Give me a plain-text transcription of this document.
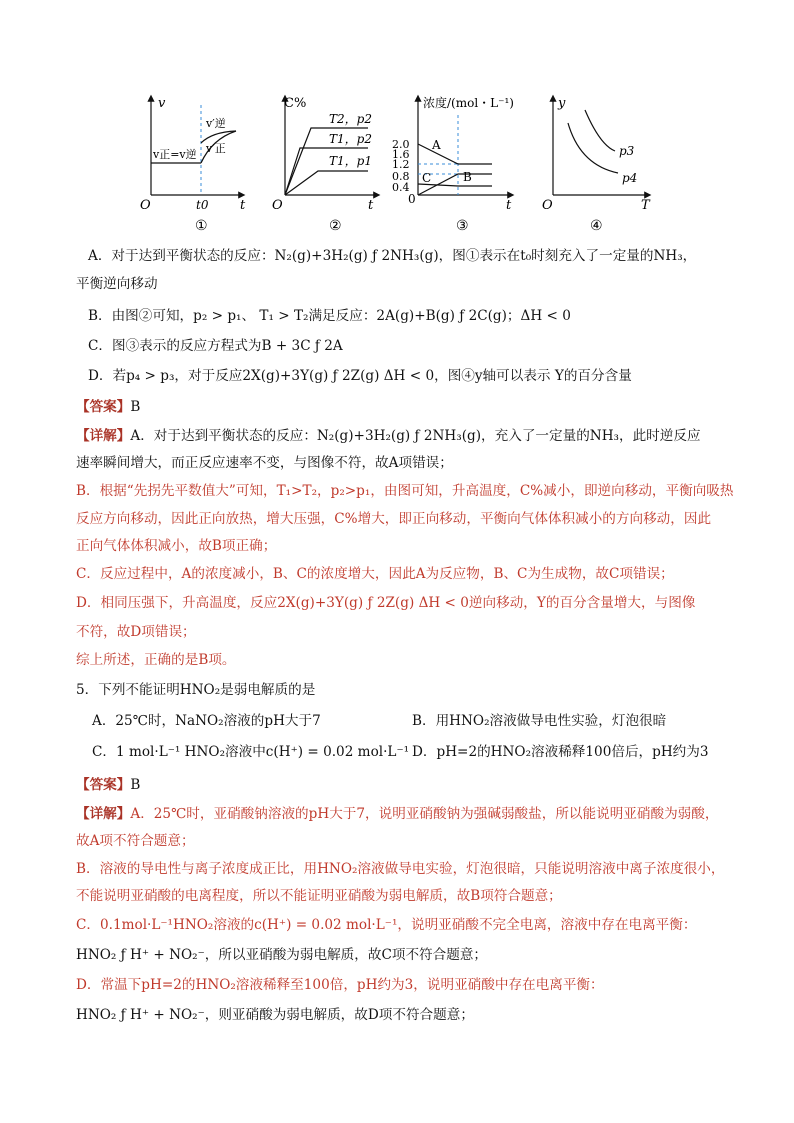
v
t
O
v正=v逆
v′逆
v′正
t0
①
C%
t
O
T2，p2
T1，p2
T1，p1
②
浓度/(mol・L⁻¹)
t
0
2.0
1.6
1.2
0.8
0.4
A
B
C
③
y
T
O
p3
p4
④
A．对于达到平衡状态的反应：N₂(g)+3H₂(g) ƒ 2NH₃(g)，图①表示在t₀时刻充入了一定量的NH₃，
平衡逆向移动
B．由图②可知，p₂ > p₁、 T₁ > T₂满足反应：2A(g)+B(g) ƒ 2C(g)；ΔH < 0
C．图③表示的反应方程式为B + 3C ƒ 2A
D．若p₄ > p₃，对于反应2X(g)+3Y(g) ƒ 2Z(g) ΔH < 0，图④y轴可以表示 Y的百分含量
【答案】B
【详解】A．对于达到平衡状态的反应：N₂(g)+3H₂(g) ƒ 2NH₃(g)，充入了一定量的NH₃，此时逆反应
速率瞬间增大，而正反应速率不变，与图像不符，故A项错误；
B．根据“先拐先平数值大”可知，T₁>T₂，p₂>p₁，由图可知，升高温度，C%减小，即逆向移动，平衡向吸热
反应方向移动，因此正向放热，增大压强，C%增大，即正向移动，平衡向气体体积减小的方向移动，因此
正向气体体积减小，故B项正确；
C．反应过程中，A的浓度减小，B、C的浓度增大，因此A为反应物，B、C为生成物，故C项错误；
D．相同压强下，升高温度，反应2X(g)+3Y(g) ƒ 2Z(g) ΔH < 0逆向移动，Y的百分含量增大，与图像
不符，故D项错误；
综上所述，正确的是B项。
5．下列不能证明HNO₂是弱电解质的是
A．25℃时，NaNO₂溶液的pH大于7	B．用HNO₂溶液做导电性实验，灯泡很暗
C．1 mol·L⁻¹ HNO₂溶液中c(H⁺) = 0.02 mol·L⁻¹ D．pH=2的HNO₂溶液稀释100倍后，pH约为3
【答案】B
【详解】A．25℃时，亚硝酸钠溶液的pH大于7，说明亚硝酸钠为强碱弱酸盐，所以能说明亚硝酸为弱酸，
故A项不符合题意；
B．溶液的导电性与离子浓度成正比，用HNO₂溶液做导电实验，灯泡很暗，只能说明溶液中离子浓度很小，
不能说明亚硝酸的电离程度，所以不能证明亚硝酸为弱电解质，故B项符合题意；
C．0.1mol·L⁻¹HNO₂溶液的c(H⁺) = 0.02 mol·L⁻¹，说明亚硝酸不完全电离，溶液中存在电离平衡：
HNO₂ ƒ H⁺ + NO₂⁻，所以亚硝酸为弱电解质，故C项不符合题意；
D．常温下pH=2的HNO₂溶液稀释至100倍，pH约为3，说明亚硝酸中存在电离平衡：
HNO₂ ƒ H⁺ + NO₂⁻，则亚硝酸为弱电解质，故D项不符合题意；
